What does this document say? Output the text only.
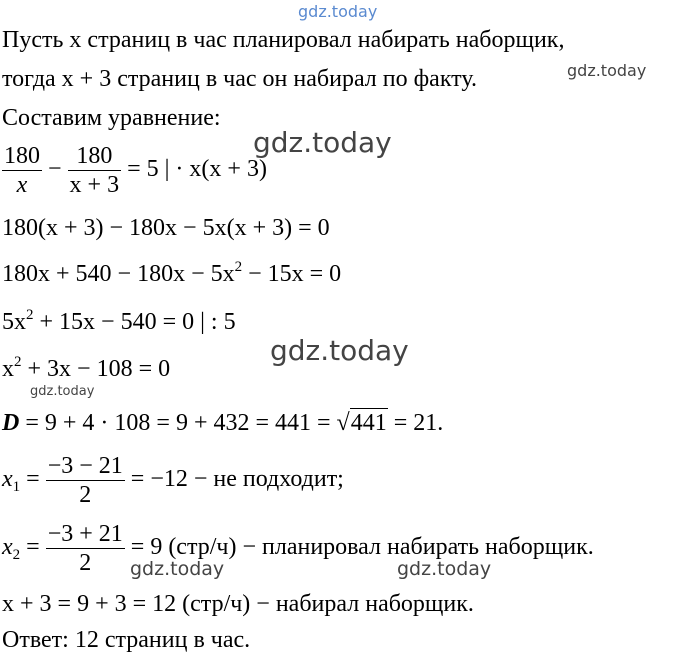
gdz.today
gdz.today
gdz.today
gdz.today
gdz.today
gdz.today	gdz.today
Пусть x страниц в час планировал набирать наборщик,
тогда x + 3 страниц в час он набирал по факту.
Составим уравнение:
$\frac{180}{x} - \frac{180}{x + 3} = 5$ | · x(x + 3)
180(x + 3) − 180x − 5x(x + 3) = 0
$180x + 540 - 180x - 5x^2 - 15x = 0$
$5x^2 + 15x - 540 = 0$ | : 5
$x^2 + 3x - 108 = 0$
D = 9 + 4 · 108 = 9 + 432 = 441 = √441 = 21.
$x_1 = \frac{-3 - 21}{2} = -12$ − не подходит;
$x_2 = \frac{-3 + 21}{2} = 9$ (стр/ч) − планировал набирать наборщик.
x + 3 = 9 + 3 = 12 (стр/ч) − набирал наборщик.
Ответ: 12 страниц в час.
